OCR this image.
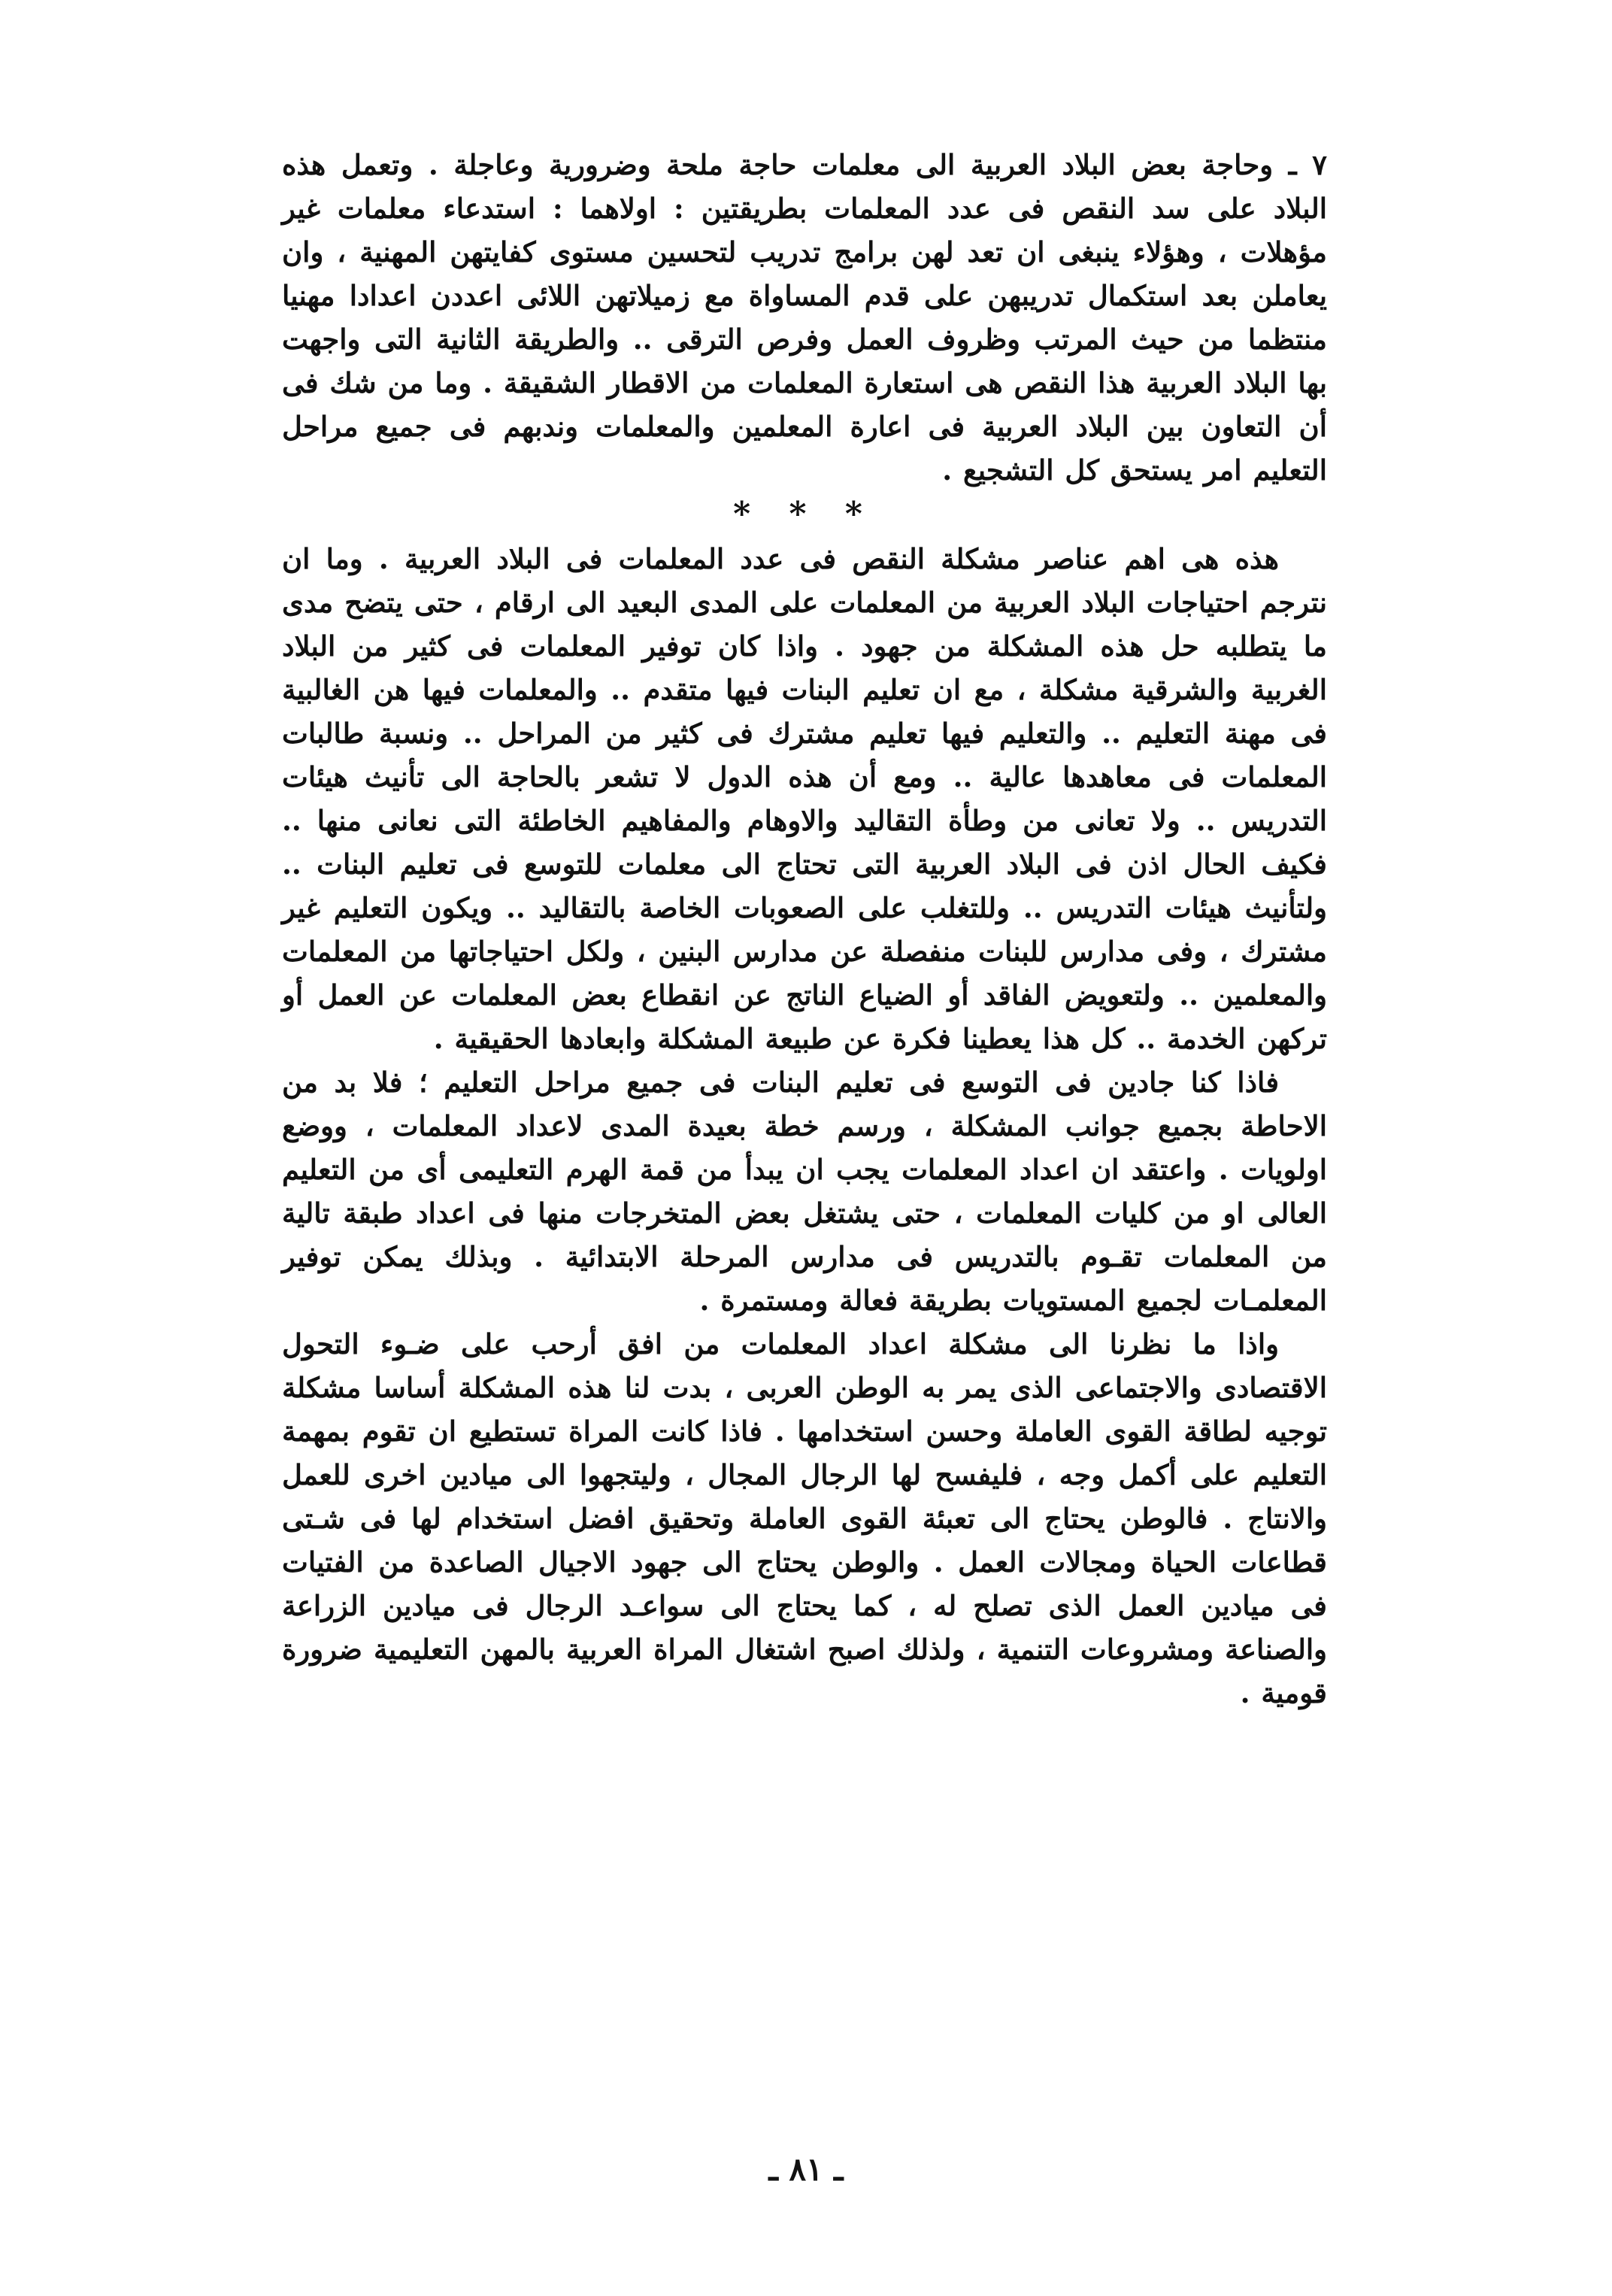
٧ ـ وحاجة بعض البلاد العربية الى معلمات حاجة ملحة وضرورية وعاجلة . وتعمل هذه البلاد على سد النقص فى عدد المعلمات بطريقتين : اولاهما : استدعاء معلمات غير مؤهلات ، وهؤلاء ينبغى ان تعد لهن برامج تدريب لتحسين مستوى كفايتهن المهنية ، وان يعاملن بعد استكمال تدريبهن على قدم المساواة مع زميلاتهن اللائى اعددن اعدادا مهنيا منتظما من حيث المرتب وظروف العمل وفرص الترقى .. والطريقة الثانية التى واجهت بها البلاد العربية هذا النقص هى استعارة المعلمات من الاقطار الشقيقة . وما من شك فى أن التعاون بين البلاد العربية فى اعارة المعلمين والمعلمات وندبهم فى جميع مراحل التعليم امر يستحق كل التشجيع .

* * *

هذه هى اهم عناصر مشكلة النقص فى عدد المعلمات فى البلاد العربية . وما ان نترجم احتياجات البلاد العربية من المعلمات على المدى البعيد الى ارقام ، حتى يتضح مدى ما يتطلبه حل هذه المشكلة من جهود . واذا كان توفير المعلمات فى كثير من البلاد الغربية والشرقية مشكلة ، مع ان تعليم البنات فيها متقدم .. والمعلمات فيها هن الغالبية فى مهنة التعليم .. والتعليم فيها تعليم مشترك فى كثير من المراحل .. ونسبة طالبات المعلمات فى معاهدها عالية .. ومع أن هذه الدول لا تشعر بالحاجة الى تأنيث هيئات التدريس .. ولا تعانى من وطأة التقاليد والاوهام والمفاهيم الخاطئة التى نعانى منها .. فكيف الحال اذن فى البلاد العربية التى تحتاج الى معلمات للتوسع فى تعليم البنات .. ولتأنيث هيئات التدريس .. وللتغلب على الصعوبات الخاصة بالتقاليد .. ويكون التعليم غير مشترك ، وفى مدارس للبنات منفصلة عن مدارس البنين ، ولكل احتياجاتها من المعلمات والمعلمين .. ولتعويض الفاقد أو الضياع الناتج عن انقطاع بعض المعلمات عن العمل أو تركهن الخدمة .. كل هذا يعطينا فكرة عن طبيعة المشكلة وابعادها الحقيقية .

فاذا كنا جادين فى التوسع فى تعليم البنات فى جميع مراحل التعليم ؛ فلا بد من الاحاطة بجميع جوانب المشكلة ، ورسم خطة بعيدة المدى لاعداد المعلمات ، ووضع اولويات . واعتقد ان اعداد المعلمات يجب ان يبدأ من قمة الهرم التعليمى أى من التعليم العالى او من كليات المعلمات ، حتى يشتغل بعض المتخرجات منها فى اعداد طبقة تالية من المعلمات تقـوم بالتدريس فى مدارس المرحلة الابتدائية . وبذلك يمكن توفير المعلمـات لجميع المستويات بطريقة فعالة ومستمرة .

واذا ما نظرنا الى مشكلة اعداد المعلمات من افق أرحب على ضـوء التحول الاقتصادى والاجتماعى الذى يمر به الوطن العربى ، بدت لنا هذه المشكلة أساسا مشكلة توجيه لطاقة القوى العاملة وحسن استخدامها . فاذا كانت المراة تستطيع ان تقوم بمهمة التعليم على أكمل وجه ، فليفسح لها الرجال المجال ، وليتجهوا الى ميادين اخرى للعمل والانتاج . فالوطن يحتاج الى تعبئة القوى العاملة وتحقيق افضل استخدام لها فى شـتى قطاعات الحياة ومجالات العمل . والوطن يحتاج الى جهود الاجيال الصاعدة من الفتيات فى ميادين العمل الذى تصلح له ، كما يحتاج الى سواعـد الرجال فى ميادين الزراعة والصناعة ومشروعات التنمية ، ولذلك اصبح اشتغال المراة العربية بالمهن التعليمية ضرورة قومية .

ـ ٨١ ـ
